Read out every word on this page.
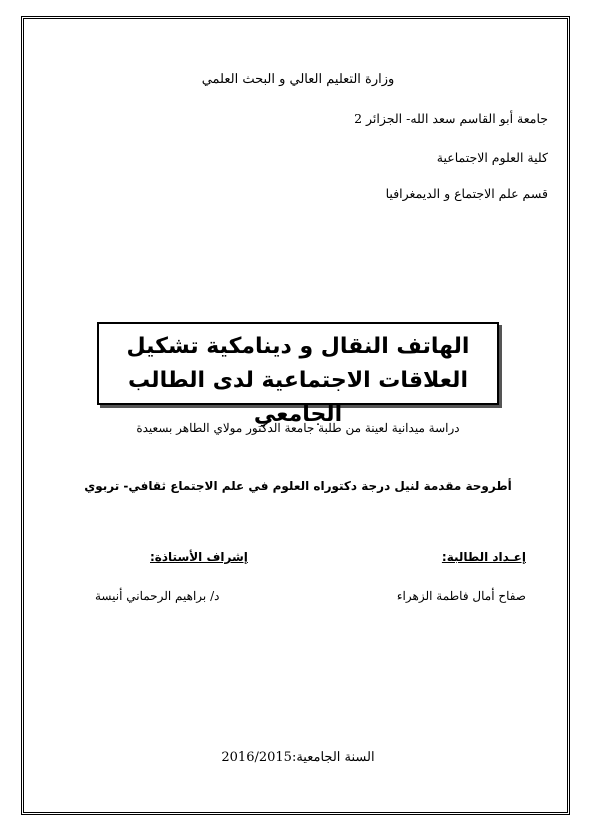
وزارة التعليم العالي و البحث العلمي
جامعة أبو القاسم سعد الله- الجزائر 2
كلية العلوم الاجتماعية
قسم علم الاجتماع و الديمغرافيا
الهاتف النقال و دينامكية تشكيل العلاقات الاجتماعية لدى الطالب الجامعي
دراسة ميدانية لعينة من طلبة جامعة الدكتور مولاي الطاهر بسعيدة
أطروحة مقدمة لنيل درجة دكتوراه العلوم في علم الاجتماع ثقافي- تربوي
إعـداد الطالبة:
إشراف الأستاذة:
صفاح أمال فاطمة الزهراء
د/ براهيم الرحماني أنيسة
السنة الجامعية:2016/2015
